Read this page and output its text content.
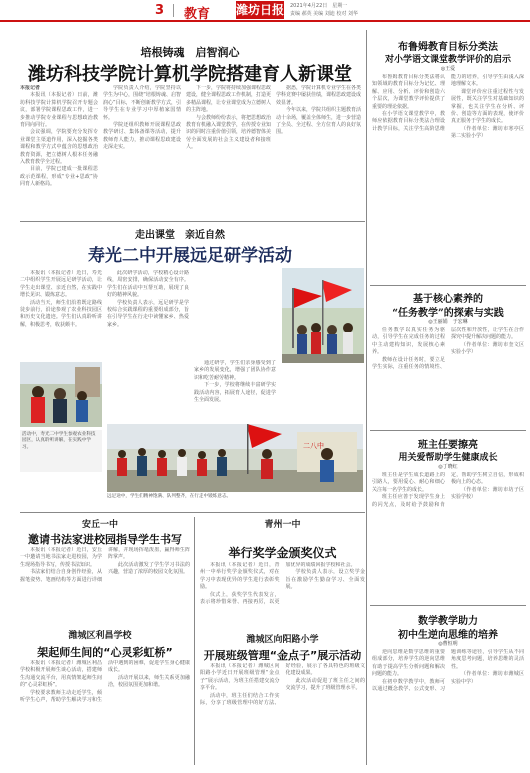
3 教育 潍坊日报 2021年4月22日　星期一
责编 郝英 美编 刘迪 校对 刘华
培根铸魂　启智润心
潍坊科技学院计算机学院搭建育人新课堂

本报记者

本报讯（本报记者）日前，潍坊科技学院计算机学院召开专题会议，部署学院课程思政工作，进一步推动学院专业课程与思想政治教育同向同行。

会议强调，学院要充分发挥专业课堂主渠道作用，深入挖掘各类课程和教学方式中蕴含的思想政治教育资源，把立德树人根本任务融入教育教学全过程。

目前，学院已建成一批课程思政示范课程，形成“专业+思政”协同育人新格局。

学院负责人介绍，学院坚持以学生为中心，围绕“培根铸魂、启智润心”目标，不断创新教学方式，引导学生在专业学习中厚植家国情怀。

学院还组织教师开展课程思政教学研讨、集体备课等活动，提升教师育人能力，推动课程思政建设走深走实。

下一步，学院将持续加强课程思政建设，健全课程思政工作机制，打造更多精品课程，让专业课堂成为立德树人的主阵地。

与会教师纷纷表示，将把思想政治教育有机融入课堂教学，在传授专业知识的同时注重价值引领，培养德智体美劳全面发展的社会主义建设者和接班人。

据悉，学院计算机专业学生在各类学科竞赛中屡获佳绩，课程思政建设成效显著。

今年以来，学院共组织主题教育活动十余场，覆盖全体师生，进一步营造了全员、全过程、全方位育人的良好氛围。

走出课堂　亲近自然
寿光二中开展远足研学活动

本报讯（本报记者）近日，寿光二中组织学生开展远足研学活动，让学生走出课堂、亲近自然，在实践中增长见识、锻炼意志。

活动当天，师生们沿着既定路线徒步前行，沿途参观了农业科技园区和历史文化遗迹。学生们认真聆听讲解，积极思考，收获颇丰。

此次研学活动，学校精心设计路线，周密安排，确保活动安全有序。学生们在活动中互帮互助，展现了良好的精神风貌。

学校负责人表示，远足研学是学校综合实践课程的重要组成部分，旨在引导学生在行走中读懂家乡、热爱家乡。

通过研学，学生们亲身感受到了家乡的发展变化，增强了团队协作意识和吃苦耐劳精神。

下一步，学校将继续丰富研学实践活动内容，拓展育人途径，促进学生全面发展。

活动中，寿光二中学生参观农业科技园区，认真聆听讲解，在实践中学习。	二八中
远足途中，学生们精神饱满、队列整齐，在行走中锻炼意志。
安丘一中
邀请书法家进校园指导学生书写

本报讯（本报记者）近日，安丘一中邀请当地书法家走进校园，为学生现场指导书写，传授书法知识。

书法家们结合自身创作经验，从握笔姿势、笔画结构等方面进行详细讲解，并现场挥毫泼墨，赢得师生阵阵掌声。

此次活动激发了学生学习书法的兴趣，营造了浓厚的校园文化氛围。

潍城区利昌学校
架起师生间的“心灵彩虹桥”

本报讯（本报记者）潍城区利昌学校积极开展师生谈心活动，搭建师生沟通交流平台，用真情架起师生间的“心灵彩虹桥”。

学校要求教师主动走近学生，倾听学生心声，帮助学生解决学习和生活中遇到的困难，促进学生身心健康成长。

活动开展以来，师生关系更加融洽，校园氛围更加和谐。

青州一中
举行奖学金颁奖仪式

本报讯（本报记者）近日，青州一中举行奖学金颁奖仪式，对在学习中表现优异的学生进行表彰奖励。

仪式上，获奖学生代表发言，表示将珍惜荣誉、再接再厉，以更加优异的成绩回报学校和社会。

学校负责人表示，设立奖学金旨在激励学生勤奋学习、全面发展。

潍城区向阳路小学
开展班级管理“金点子”展示活动

本报讯（本报记者）潍城区向阳路小学近日开展班级管理“金点子”展示活动，为班主任搭建交流分享平台。

活动中，班主任们结合工作实际，分享了班级管理中的好方法、好经验，展示了各具特色的班级文化建设成果。

此次活动促进了班主任之间的交流学习，提升了班级管理水平。

布鲁姆教育目标分类法
对小学语文课堂教学评价的启示
◎王爱

布鲁姆教育目标分类法将认知领域的教育目标分为记忆、理解、应用、分析、评价和创造六个层次，为课堂教学评价提供了重要的理论依据。

在小学语文课堂教学中，教师应依据教育目标分类法合理设计教学目标，关注学生高阶思维能力的培养，引导学生由浅入深地理解文本。

课堂评价应注重过程性与发展性，既关注学生对基础知识的掌握，也关注学生在分析、评价、创造等方面的表现，使评价真正服务于学生的成长。

（作者单位：潍坊市寒亭区第二实验小学）

基于核心素养的
“任务教学”的探索与实践
◎王丽娟　于宏琳

任务教学以真实任务为驱动，引导学生在完成任务的过程中主动建构知识，发展核心素养。

教师在设计任务时，要立足学生实际，注重任务的情境性、层次性和开放性，让学生在合作探究中提升解决问题的能力。

（作者单位：潍坊市奎文区实验小学）

班主任要擦亮
用关爱帮助学生健康成长
◎丁晓红

班主任是学生成长道路上的引路人，要用爱心、耐心和细心关注每一名学生的成长。

班主任应善于发现学生身上的闪光点，及时给予鼓励和肯定，帮助学生树立自信，形成积极向上的心态。

（作者单位：潍坊市坊子区实验学校）

数学教学助力
初中生逆向思维的培养
◎曹恒明

逆向思维是数学思维的重要组成部分，培养学生的逆向思维有助于提高学生分析问题和解决问题的能力。

在初中数学教学中，教师可以通过概念教学、公式变形、习题训练等途径，引导学生从不同角度思考问题，培养思维的灵活性。

（作者单位：潍坊市潍城区实验中学）
